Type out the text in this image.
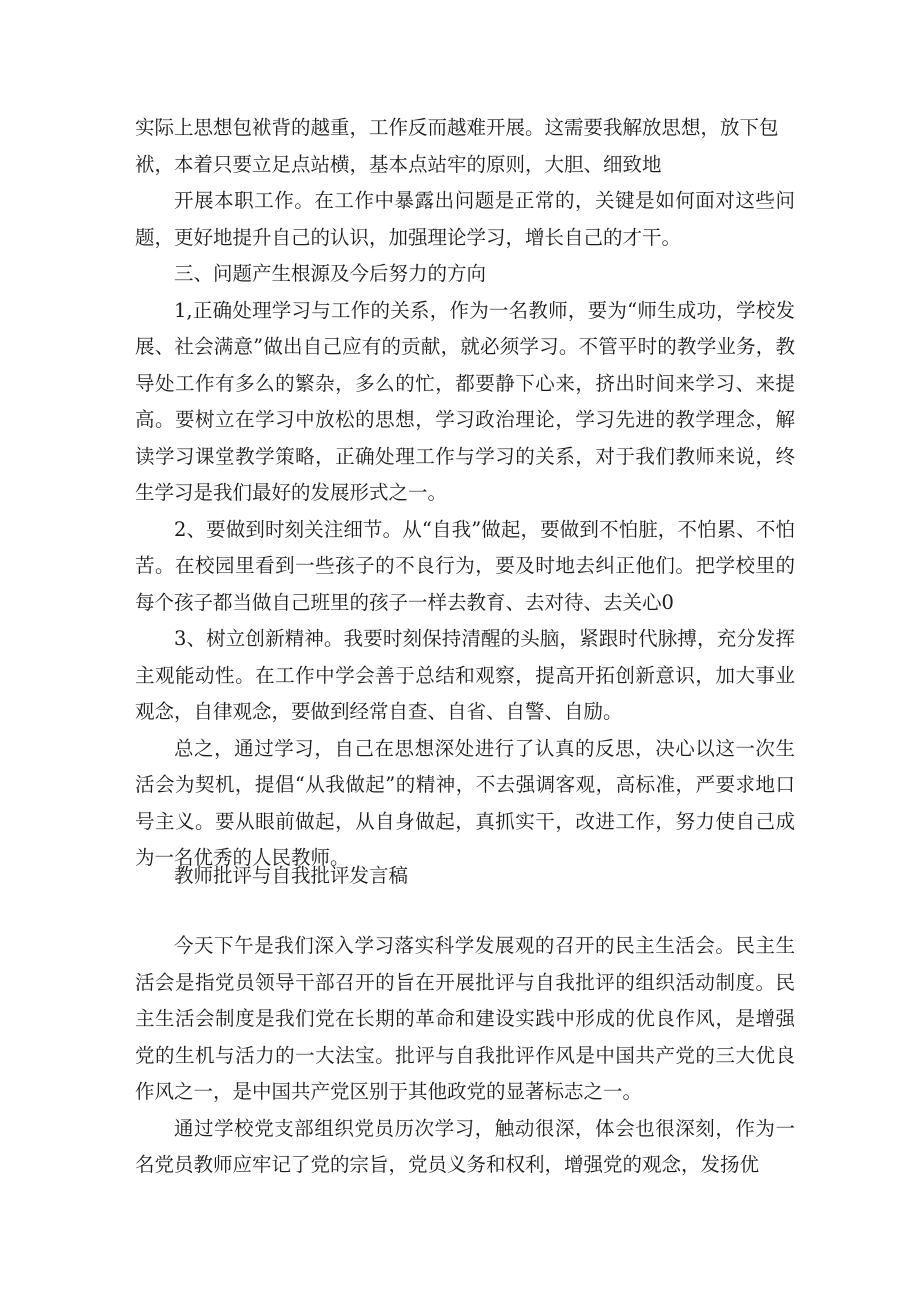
实际上思想包袱背的越重，工作反而越难开展。这需要我解放思想，放下包

袱，本着只要立足点站横，基本点站牢的原则，大胆、细致地

开展本职工作。在工作中暴露出问题是正常的，关键是如何面对这些问题，更好地提升自己的认识，加强理论学习，增长自己的才干。

三、问题产生根源及今后努力的方向

1,正确处理学习与工作的关系，作为一名教师，要为“师生成功，学校发展、社会满意”做出自己应有的贡献，就必须学习。不管平时的教学业务，教导处工作有多么的繁杂，多么的忙，都要静下心来，挤出时间来学习、来提高。要树立在学习中放松的思想，学习政治理论，学习先进的教学理念，解读学习课堂教学策略，正确处理工作与学习的关系，对于我们教师来说，终生学习是我们最好的发展形式之一。

2、要做到时刻关注细节。从“自我”做起，要做到不怕脏，不怕累、不怕苦。在校园里看到一些孩子的不良行为，要及时地去纠正他们。把学校里的每个孩子都当做自己班里的孩子一样去教育、去对待、去关心0

3、树立创新精神。我要时刻保持清醒的头脑，紧跟时代脉搏，充分发挥主观能动性。在工作中学会善于总结和观察，提高开拓创新意识，加大事业观念，自律观念，要做到经常自查、自省、自警、自励。

总之，通过学习，自己在思想深处进行了认真的反思，决心以这一次生活会为契机，提倡“从我做起”的精神，不去强调客观，高标准，严要求地口号主义。要从眼前做起，从自身做起，真抓实干，改进工作，努力使自己成为一名优秀的人民教师。

教师批评与自我批评发言稿

今天下午是我们深入学习落实科学发展观的召开的民主生活会。民主生活会是指党员领导干部召开的旨在开展批评与自我批评的组织活动制度。民主生活会制度是我们党在长期的革命和建设实践中形成的优良作风，是增强党的生机与活力的一大法宝。批评与自我批评作风是中国共产党的三大优良作风之一，是中国共产党区别于其他政党的显著标志之一。

通过学校党支部组织党员历次学习，触动很深，体会也很深刻，作为一名党员教师应牢记了党的宗旨，党员义务和权利，增强党的观念，发扬优
